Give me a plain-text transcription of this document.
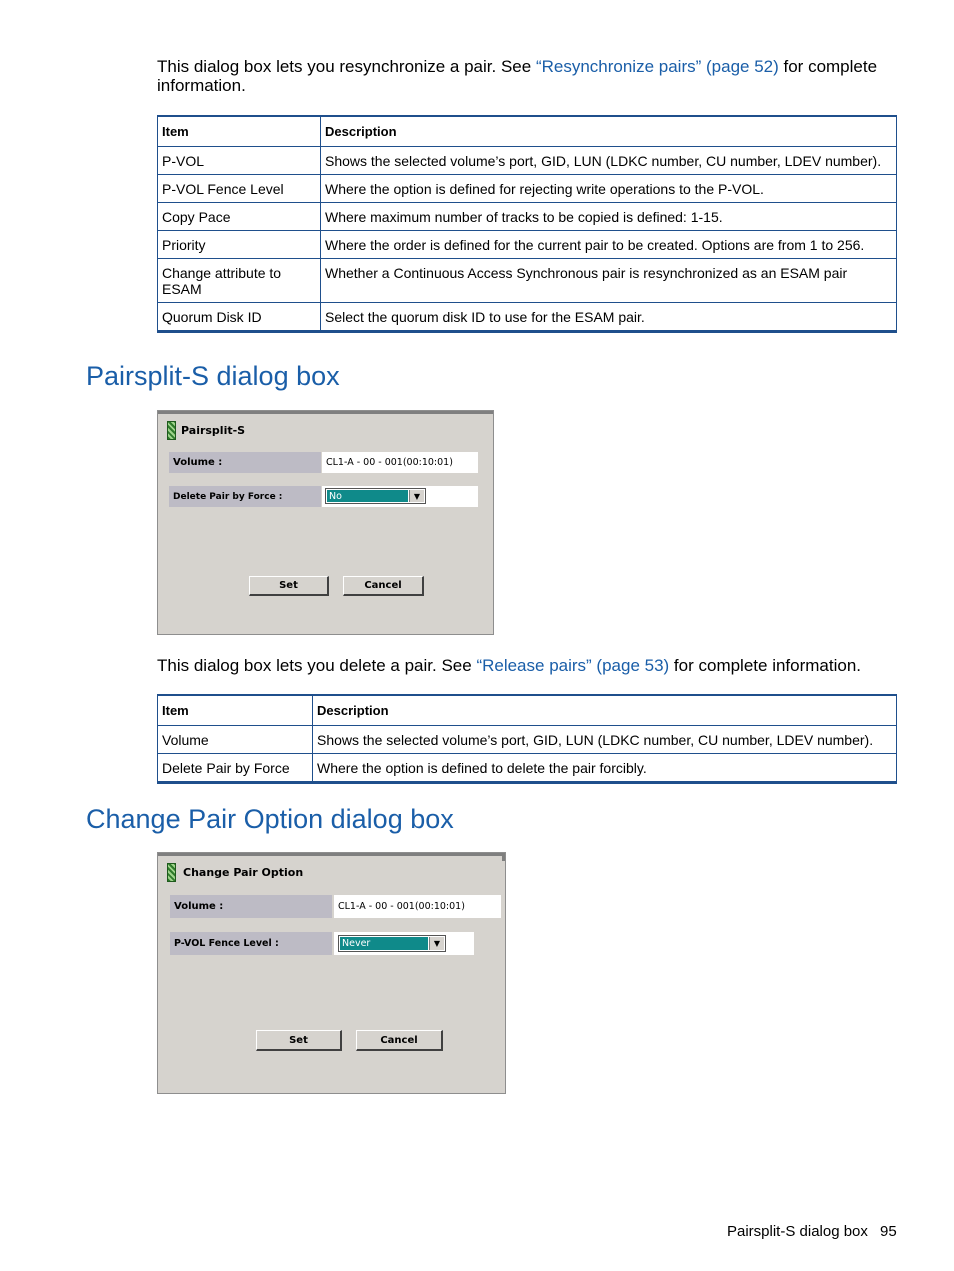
This dialog box lets you resynchronize a pair. See “Resynchronize pairs” (page 52) for complete information.

Item	Description
P-VOL	Shows the selected volume’s port, GID, LUN (LDKC number, CU number, LDEV number).
P-VOL Fence Level	Where the option is defined for rejecting write operations to the P-VOL.
Copy Pace	Where maximum number of tracks to be copied is defined: 1-15.
Priority	Where the order is defined for the current pair to be created. Options are from 1 to 256.
Change attribute to ESAM	Whether a Continuous Access Synchronous pair is resynchronized as an ESAM pair
Quorum Disk ID	Select the quorum disk ID to use for the ESAM pair.
Pairsplit-S dialog box
Pairsplit-S
Volume :	CL1-A - 00 - 001(00:10:01)
Delete Pair by Force :	No	▼
Set	Cancel

This dialog box lets you delete a pair. See “Release pairs” (page 53) for complete information.

Item	Description
Volume	Shows the selected volume’s port, GID, LUN (LDKC number, CU number, LDEV number).
Delete Pair by Force	Where the option is defined to delete the pair forcibly.
Change Pair Option dialog box
Change Pair Option
Volume :	CL1-A - 00 - 001(00:10:01)
P-VOL Fence Level :	Never	▼
Set	Cancel
Pairsplit-S dialog box 95
